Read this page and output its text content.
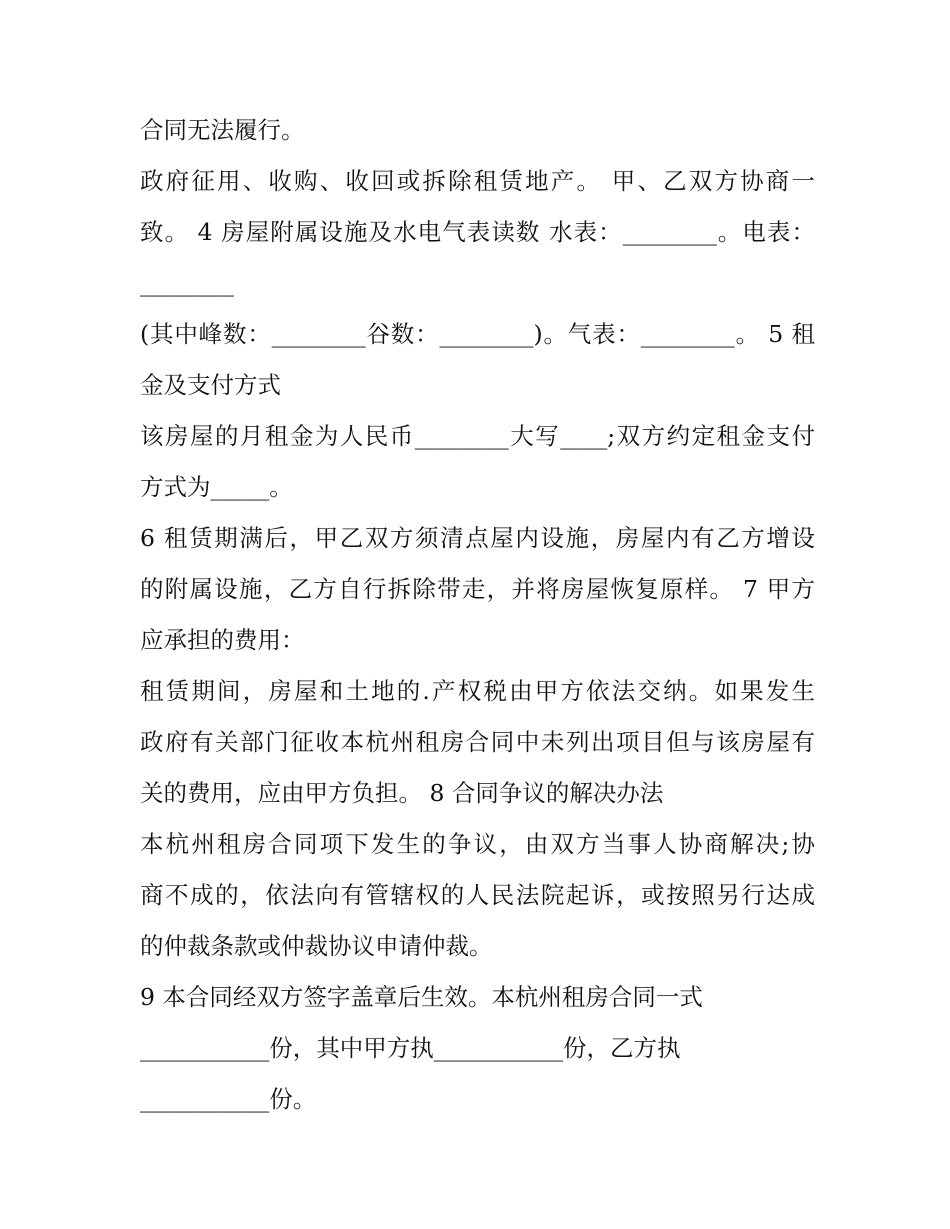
合同无法履行。
政府征用、收购、收回或拆除租赁地产。 甲、乙双方协商一
致。 4 房屋附属设施及水电气表读数 水表：________。电表：
________
(其中峰数：________谷数：________)。气表：________。 5 租
金及支付方式
该房屋的月租金为人民币________大写____;双方约定租金支付
方式为_____。
6 租赁期满后，甲乙双方须清点屋内设施，房屋内有乙方增设
的附属设施，乙方自行拆除带走，并将房屋恢复原样。 7 甲方
应承担的费用：
租赁期间，房屋和土地的.产权税由甲方依法交纳。如果发生
政府有关部门征收本杭州租房合同中未列出项目但与该房屋有
关的费用，应由甲方负担。 8 合同争议的解决办法
本杭州租房合同项下发生的争议，由双方当事人协商解决;协
商不成的，依法向有管辖权的人民法院起诉，或按照另行达成
的仲裁条款或仲裁协议申请仲裁。
9 本合同经双方签字盖章后生效。本杭州租房合同一式
___________份，其中甲方执___________份，乙方执
___________份。
